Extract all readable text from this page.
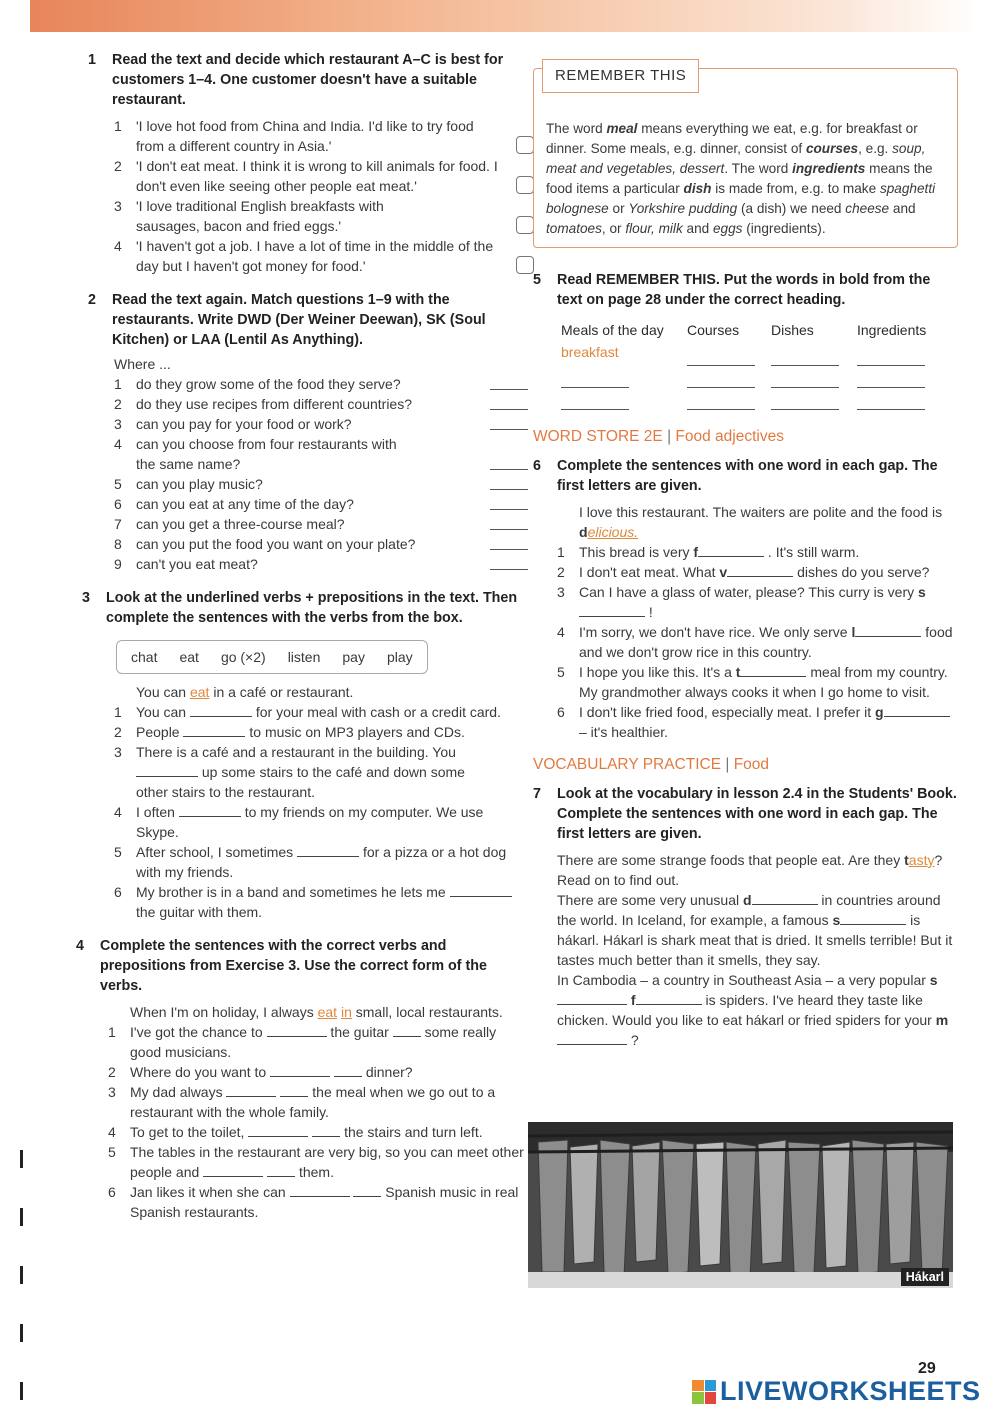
1	Read the text and decide which restaurant A–C is best for customers 1–4. One customer doesn't have a suitable restaurant.
1	'I love hot food from China and India. I'd like to try food from a different country in Asia.'
2	'I don't eat meat. I think it is wrong to kill animals for food. I don't even like seeing other people eat meat.'
3	'I love traditional English breakfasts with sausages, bacon and fried eggs.'
4	'I haven't got a job. I have a lot of time in the middle of the day but I haven't got money for food.'
2	Read the text again. Match questions 1–9 with the restaurants. Write DWD (Der Weiner Deewan), SK (Soul Kitchen) or LAA (Lentil As Anything).
Where ...
1	do they grow some of the food they serve?
2	do they use recipes from different countries?
3	can you pay for your food or work?
4	can you choose from four restaurants with the same name?
5	can you play music?
6	can you eat at any time of the day?
7	can you get a three-course meal?
8	can you put the food you want on your plate?
9	can't you eat meat?
3	Look at the underlined verbs + prepositions in the text. Then complete the sentences with the verbs from the box.
chat eat go (×2) listen pay play
You can eat in a café or restaurant.
1	You can	for your meal with cash or a credit card.
2	People	to music on MP3 players and CDs.
3	There is a café and a restaurant in the building. You  up some stairs to the café and down some other stairs to the restaurant.
4	I often	to my friends on my computer. We use Skype.
5	After school, I sometimes	for a pizza or a hot dog with my friends.
6	My brother is in a band and sometimes he lets me  the guitar with them.
4	Complete the sentences with the correct verbs and prepositions from Exercise 3. Use the correct form of the verbs.
When I'm on holiday, I always eat in small, local restaurants.
1	I've got the chance to	the guitar  some really good musicians.
2	Where do you want to	dinner?
3	My dad always	the meal when we go out to a restaurant with the whole family.
4	To get to the toilet,	the stairs and turn left.
5	The tables in the restaurant are very big, so you can meet other people and	them.
6	Jan likes it when she can	Spanish music in real Spanish restaurants.
REMEMBER THIS
The word meal means everything we eat, e.g. for breakfast or dinner. Some meals, e.g. dinner, consist of courses, e.g. soup, meat and vegetables, dessert. The word ingredients means the food items a particular dish is made from, e.g. to make spaghetti bolognese or Yorkshire pudding (a dish) we need cheese and tomatoes, or flour, milk and eggs (ingredients).
5	Read REMEMBER THIS. Put the words in bold from the text on page 28 under the correct heading.
Meals of the day	Courses	Dishes	Ingredients
breakfast
WORD STORE 2E | Food adjectives
6	Complete the sentences with one word in each gap. The first letters are given.
I love this restaurant. The waiters are polite and the food is delicious.
1	This bread is very f	. It's still warm.
2	I don't eat meat. What v	dishes do you serve?
3	Can I have a glass of water, please? This curry is very s !
4	I'm sorry, we don't have rice. We only serve l	food and we don't grow rice in this country.
5	I hope you like this. It's a t	meal from my country. My grandmother always cooks it when I go home to visit.
6	I don't like fried food, especially meat. I prefer it g – it's healthier.
VOCABULARY PRACTICE | Food
7	Look at the vocabulary in lesson 2.4 in the Students' Book. Complete the sentences with one word in each gap. The first letters are given.
There are some strange foods that people eat. Are they tasty? Read on to find out.
There are some very unusual d	in countries around the world. In Iceland, for example, a famous s	is hákarl. Hákarl is shark meat that is dried. It smells terrible! But it tastes much better than it smells, they say.
In Cambodia – a country in Southeast Asia – a very popular s f	is spiders. I've heard they taste like chicken. Would you like to eat hákarl or fried spiders for your m ?
Hákarl
29
LIVEWORKSHEETS
